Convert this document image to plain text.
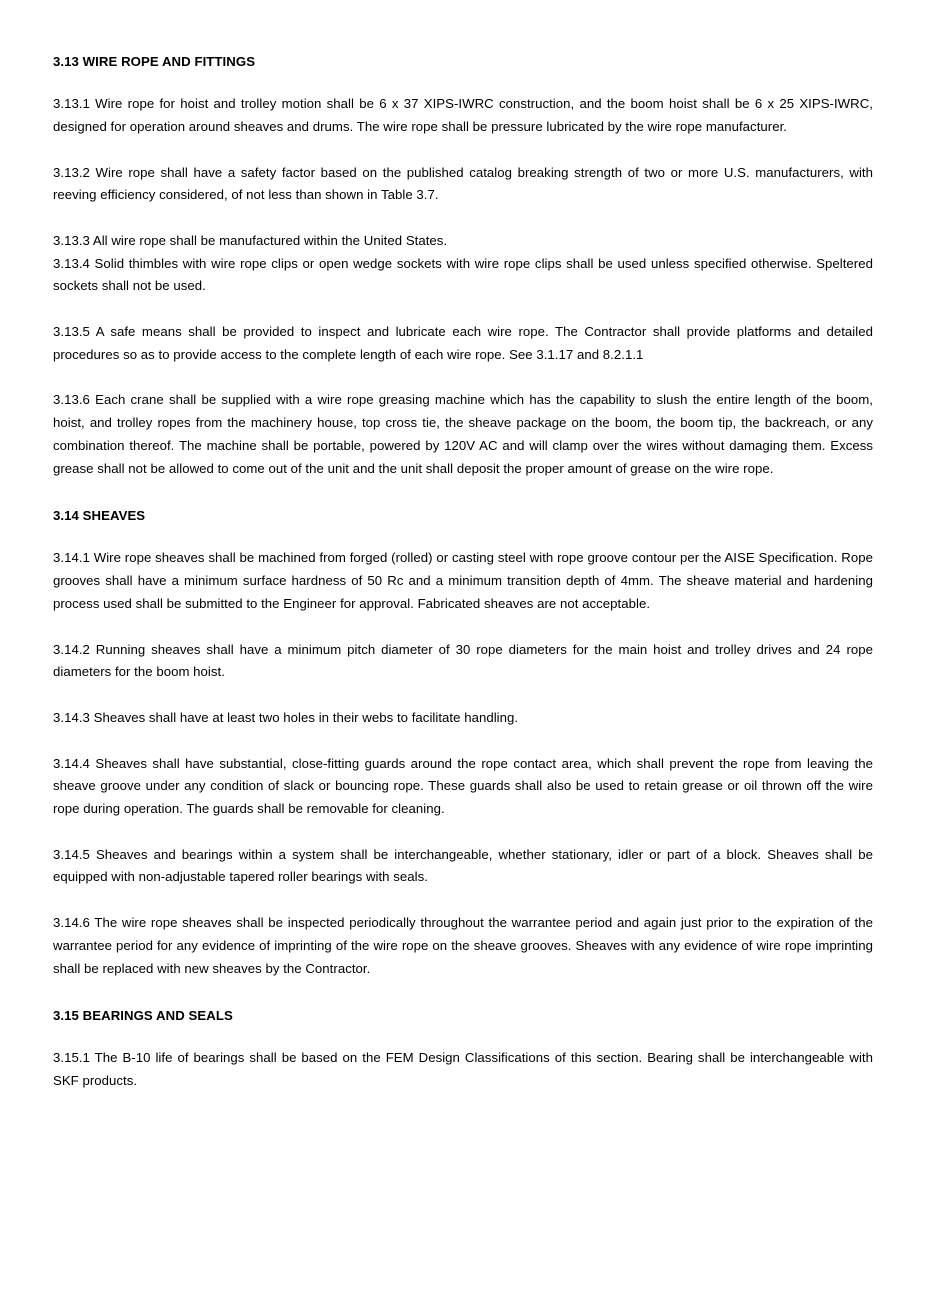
3.13 WIRE ROPE AND FITTINGS

3.13.1 Wire rope for hoist and trolley motion shall be 6 x 37 XIPS-IWRC construction, and the boom hoist shall be 6 x 25 XIPS-IWRC, designed for operation around sheaves and drums. The wire rope shall be pressure lubricated by the wire rope manufacturer.

3.13.2 Wire rope shall have a safety factor based on the published catalog breaking strength of two or more U.S. manufacturers, with reeving efficiency considered, of not less than shown in Table 3.7.

3.13.3 All wire rope shall be manufactured within the United States.

3.13.4 Solid thimbles with wire rope clips or open wedge sockets with wire rope clips shall be used unless specified otherwise. Speltered sockets shall not be used.

3.13.5 A safe means shall be provided to inspect and lubricate each wire rope. The Contractor shall provide platforms and detailed procedures so as to provide access to the complete length of each wire rope. See 3.1.17 and 8.2.1.1

3.13.6 Each crane shall be supplied with a wire rope greasing machine which has the capability to slush the entire length of the boom, hoist, and trolley ropes from the machinery house, top cross tie, the sheave package on the boom, the boom tip, the backreach, or any combination thereof. The machine shall be portable, powered by 120V AC and will clamp over the wires without damaging them. Excess grease shall not be allowed to come out of the unit and the unit shall deposit the proper amount of grease on the wire rope.

3.14 SHEAVES

3.14.1 Wire rope sheaves shall be machined from forged (rolled) or casting steel with rope groove contour per the AISE Specification. Rope grooves shall have a minimum surface hardness of 50 Rc and a minimum transition depth of 4mm. The sheave material and hardening process used shall be submitted to the Engineer for approval. Fabricated sheaves are not acceptable.

3.14.2 Running sheaves shall have a minimum pitch diameter of 30 rope diameters for the main hoist and trolley drives and 24 rope diameters for the boom hoist.

3.14.3 Sheaves shall have at least two holes in their webs to facilitate handling.

3.14.4 Sheaves shall have substantial, close-fitting guards around the rope contact area, which shall prevent the rope from leaving the sheave groove under any condition of slack or bouncing rope. These guards shall also be used to retain grease or oil thrown off the wire rope during operation. The guards shall be removable for cleaning.

3.14.5 Sheaves and bearings within a system shall be interchangeable, whether stationary, idler or part of a block. Sheaves shall be equipped with non-adjustable tapered roller bearings with seals.

3.14.6 The wire rope sheaves shall be inspected periodically throughout the warrantee period and again just prior to the expiration of the warrantee period for any evidence of imprinting of the wire rope on the sheave grooves. Sheaves with any evidence of wire rope imprinting shall be replaced with new sheaves by the Contractor.

3.15 BEARINGS AND SEALS

3.15.1 The B-10 life of bearings shall be based on the FEM Design Classifications of this section. Bearing shall be interchangeable with SKF products.
